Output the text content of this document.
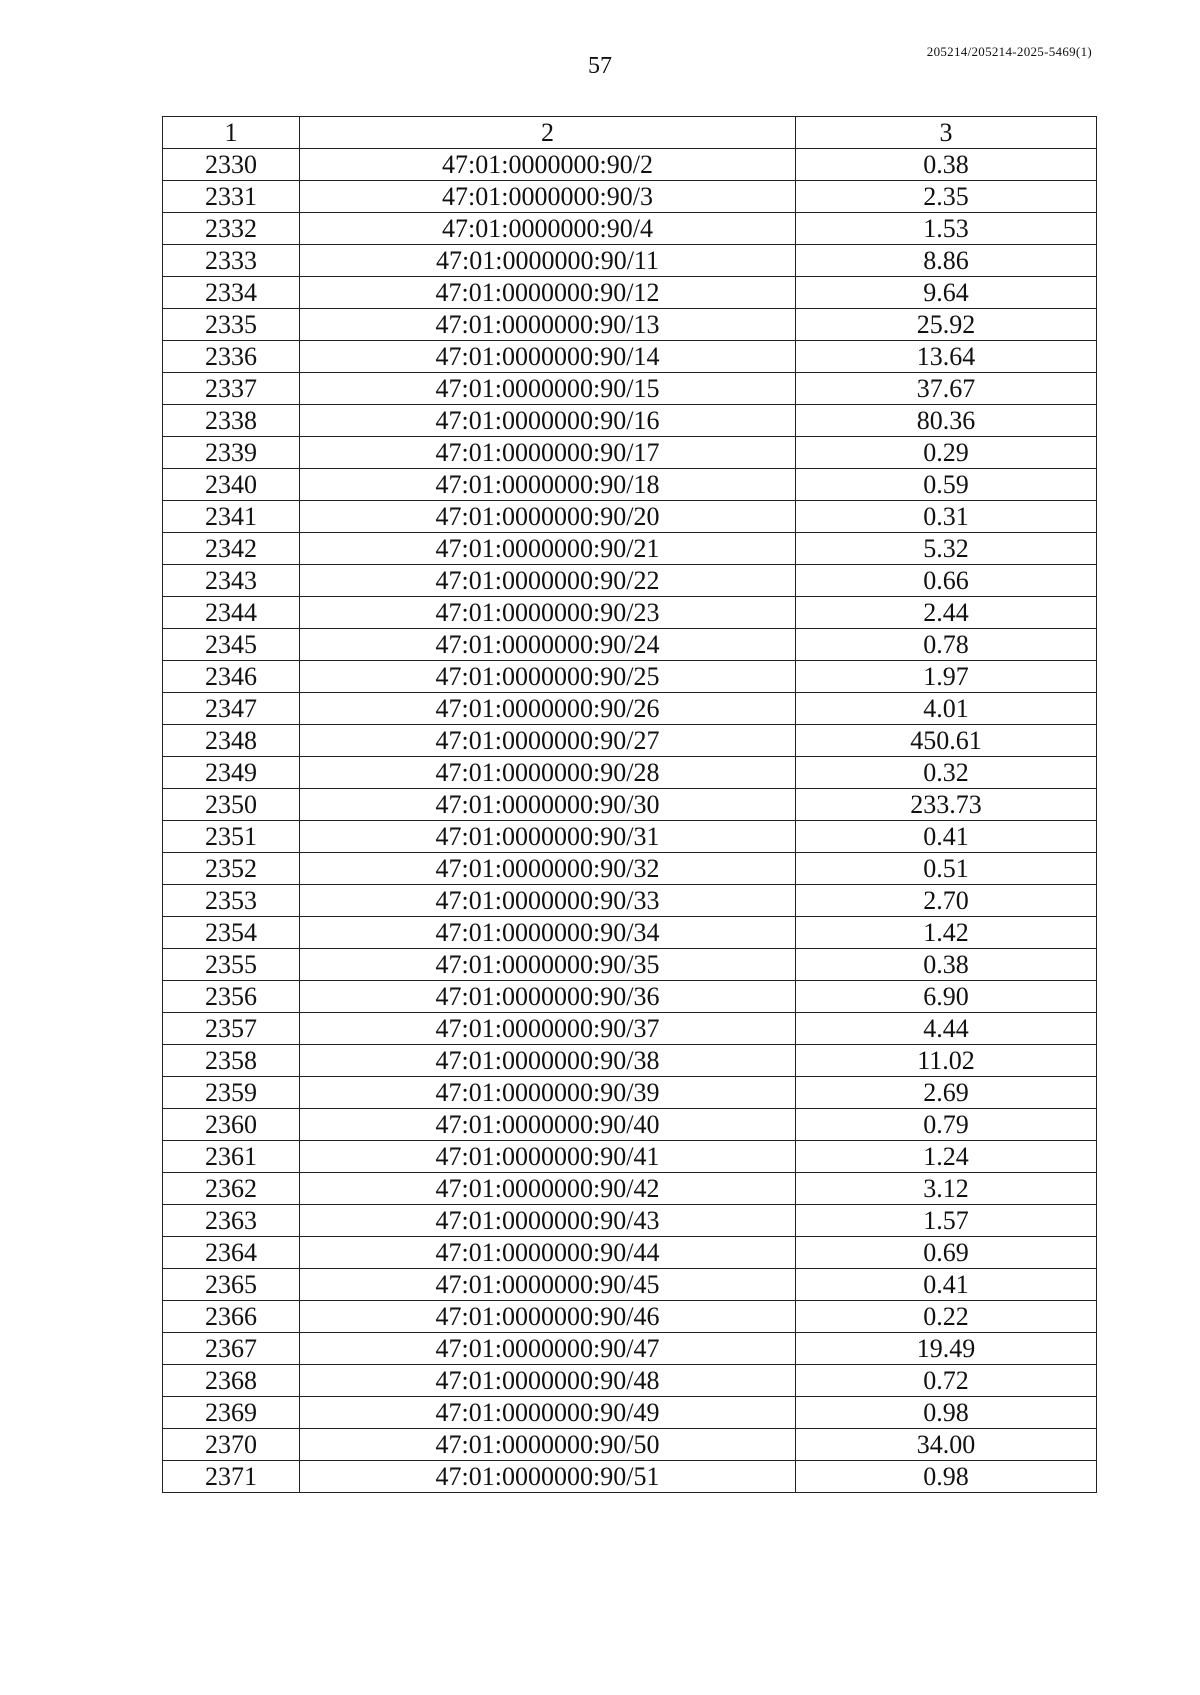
57
205214/205214-2025-5469(1)
1	2	3
2330	47:01:0000000:90/2	0.38
2331	47:01:0000000:90/3	2.35
2332	47:01:0000000:90/4	1.53
2333	47:01:0000000:90/11	8.86
2334	47:01:0000000:90/12	9.64
2335	47:01:0000000:90/13	25.92
2336	47:01:0000000:90/14	13.64
2337	47:01:0000000:90/15	37.67
2338	47:01:0000000:90/16	80.36
2339	47:01:0000000:90/17	0.29
2340	47:01:0000000:90/18	0.59
2341	47:01:0000000:90/20	0.31
2342	47:01:0000000:90/21	5.32
2343	47:01:0000000:90/22	0.66
2344	47:01:0000000:90/23	2.44
2345	47:01:0000000:90/24	0.78
2346	47:01:0000000:90/25	1.97
2347	47:01:0000000:90/26	4.01
2348	47:01:0000000:90/27	450.61
2349	47:01:0000000:90/28	0.32
2350	47:01:0000000:90/30	233.73
2351	47:01:0000000:90/31	0.41
2352	47:01:0000000:90/32	0.51
2353	47:01:0000000:90/33	2.70
2354	47:01:0000000:90/34	1.42
2355	47:01:0000000:90/35	0.38
2356	47:01:0000000:90/36	6.90
2357	47:01:0000000:90/37	4.44
2358	47:01:0000000:90/38	11.02
2359	47:01:0000000:90/39	2.69
2360	47:01:0000000:90/40	0.79
2361	47:01:0000000:90/41	1.24
2362	47:01:0000000:90/42	3.12
2363	47:01:0000000:90/43	1.57
2364	47:01:0000000:90/44	0.69
2365	47:01:0000000:90/45	0.41
2366	47:01:0000000:90/46	0.22
2367	47:01:0000000:90/47	19.49
2368	47:01:0000000:90/48	0.72
2369	47:01:0000000:90/49	0.98
2370	47:01:0000000:90/50	34.00
2371	47:01:0000000:90/51	0.98
